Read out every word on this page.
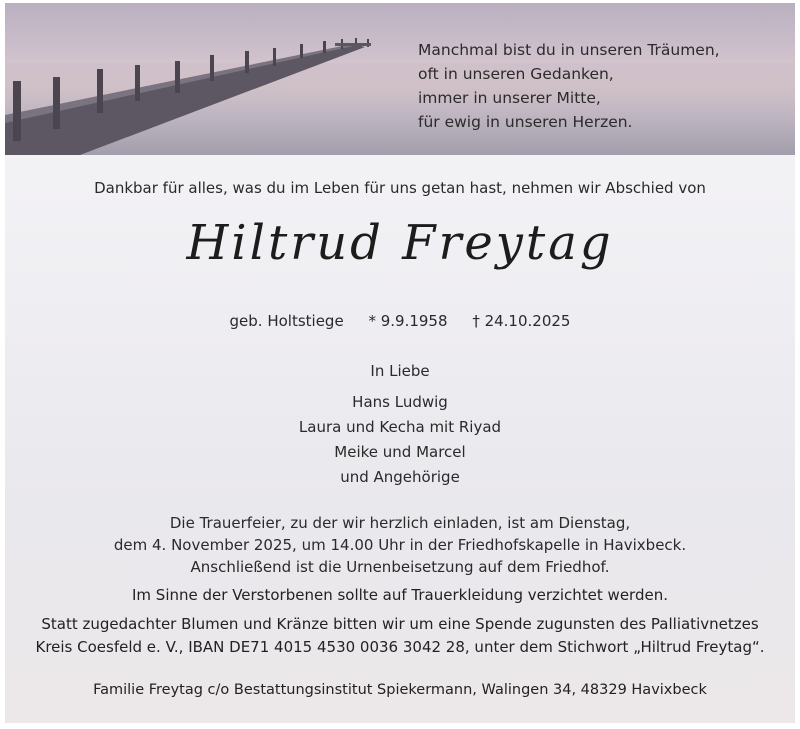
Manchmal bist du in unseren Träumen,
oft in unseren Gedanken,
immer in unserer Mitte,
für ewig in unseren Herzen.
Dankbar für alles, was du im Leben für uns getan hast, nehmen wir Abschied von
Hiltrud Freytag
geb. Holtstiege * 9.9.1958 † 24.10.2025
In Liebe
Hans Ludwig
Laura und Kecha mit Riyad
Meike und Marcel
und Angehörige
Die Trauerfeier, zu der wir herzlich einladen, ist am Dienstag,
dem 4. November 2025, um 14.00 Uhr in der Friedhofskapelle in Havixbeck.
Anschließend ist die Urnenbeisetzung auf dem Friedhof.
Im Sinne der Verstorbenen sollte auf Trauerkleidung verzichtet werden.
Statt zugedachter Blumen und Kränze bitten wir um eine Spende zugunsten des Palliativnetzes
Kreis Coesfeld e. V., IBAN DE71 4015 4530 0036 3042 28, unter dem Stichwort „Hiltrud Freytag“.
Familie Freytag c/o Bestattungsinstitut Spiekermann, Walingen 34, 48329 Havixbeck
